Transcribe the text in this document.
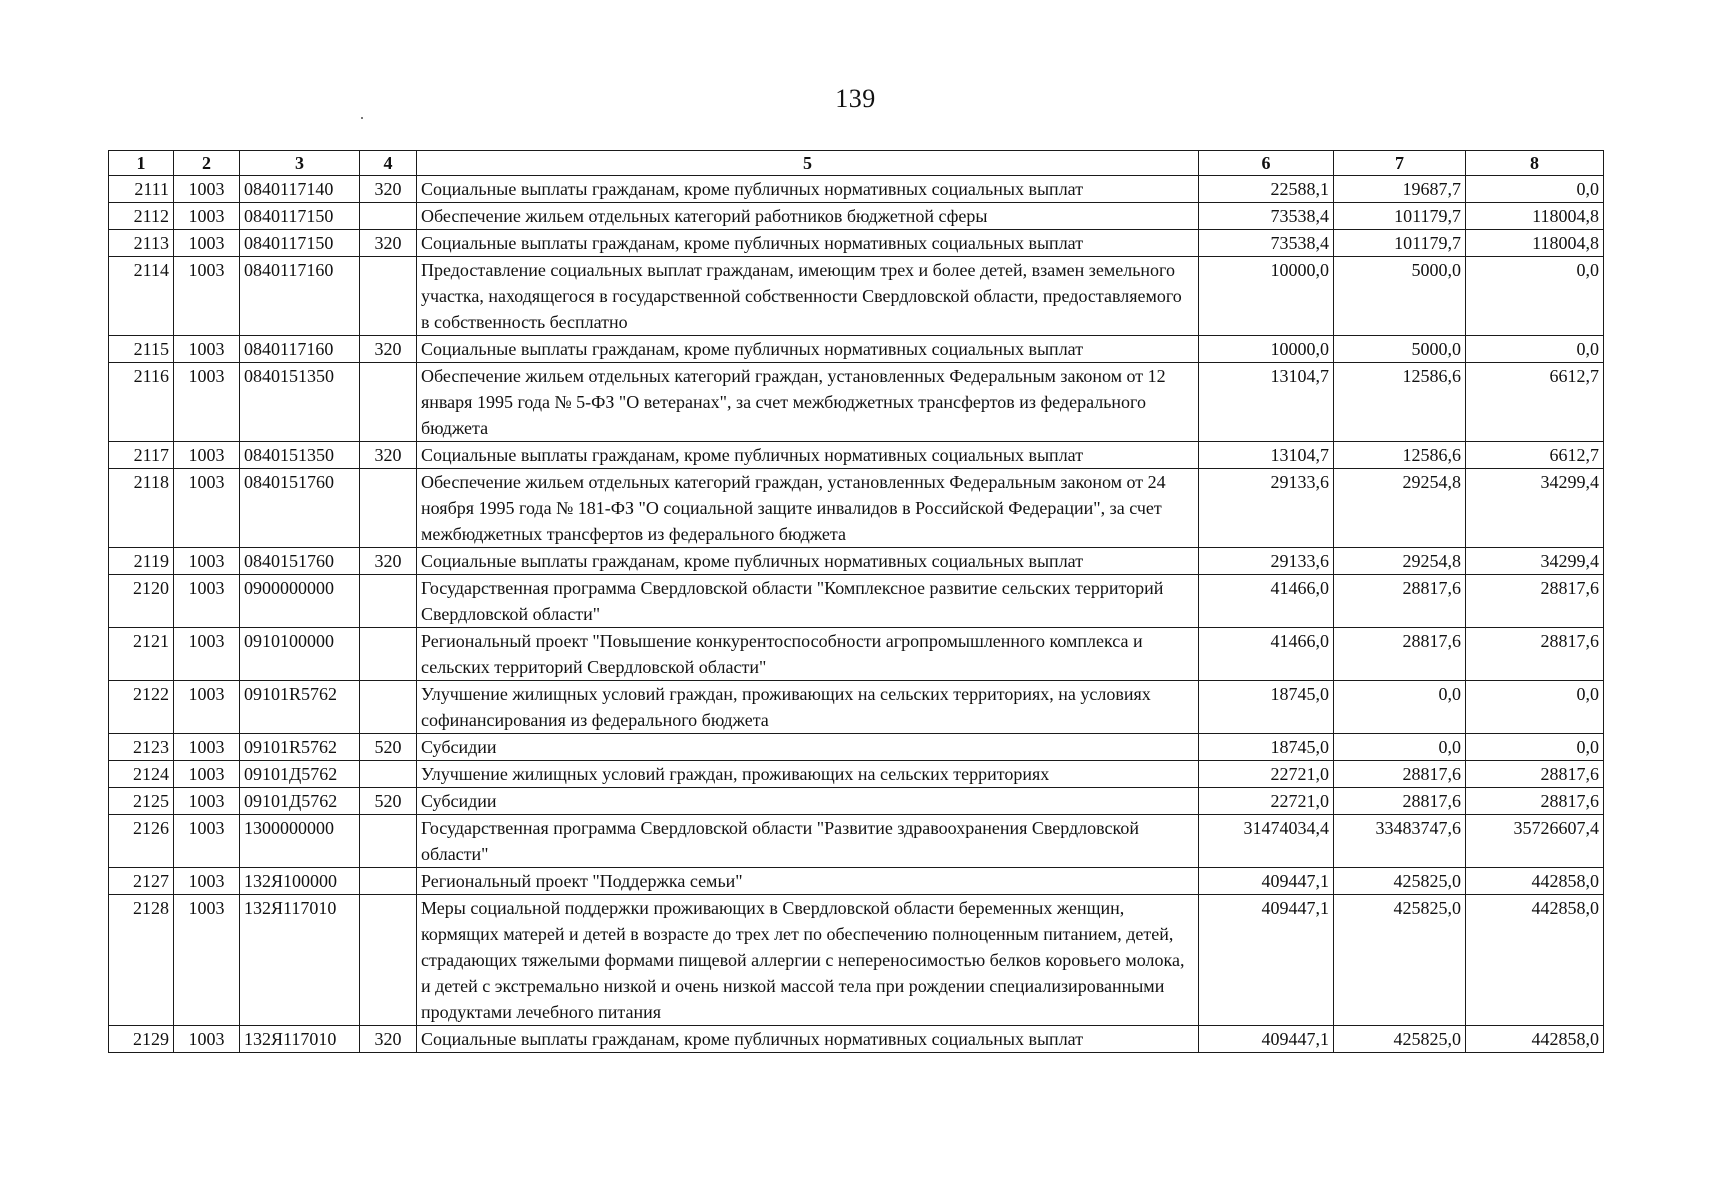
139
1	2	3	4	5	6	7	8
2111	1003	0840117140	320	Социальные выплаты гражданам, кроме публичных нормативных социальных выплат	22588,1	19687,7	0,0
2112	1003	0840117150		Обеспечение жильем отдельных категорий работников бюджетной сферы	73538,4	101179,7	118004,8
2113	1003	0840117150	320	Социальные выплаты гражданам, кроме публичных нормативных социальных выплат	73538,4	101179,7	118004,8
2114	1003	0840117160		Предоставление социальных выплат гражданам, имеющим трех и более детей, взамен земельного участка, находящегося в государственной собственности Свердловской области, предоставляемого в собственность бесплатно	10000,0	5000,0	0,0
2115	1003	0840117160	320	Социальные выплаты гражданам, кроме публичных нормативных социальных выплат	10000,0	5000,0	0,0
2116	1003	0840151350		Обеспечение жильем отдельных категорий граждан, установленных Федеральным законом от 12 января 1995 года № 5-ФЗ "О ветеранах", за счет межбюджетных трансфертов из федерального бюджета	13104,7	12586,6	6612,7
2117	1003	0840151350	320	Социальные выплаты гражданам, кроме публичных нормативных социальных выплат	13104,7	12586,6	6612,7
2118	1003	0840151760		Обеспечение жильем отдельных категорий граждан, установленных Федеральным законом от 24 ноября 1995 года № 181-ФЗ "О социальной защите инвалидов в Российской Федерации", за счет межбюджетных трансфертов из федерального бюджета	29133,6	29254,8	34299,4
2119	1003	0840151760	320	Социальные выплаты гражданам, кроме публичных нормативных социальных выплат	29133,6	29254,8	34299,4
2120	1003	0900000000		Государственная программа Свердловской области "Комплексное развитие сельских территорий Свердловской области"	41466,0	28817,6	28817,6
2121	1003	0910100000		Региональный проект "Повышение конкурентоспособности агропромышленного комплекса и сельских территорий Свердловской области"	41466,0	28817,6	28817,6
2122	1003	09101R5762		Улучшение жилищных условий граждан, проживающих на сельских территориях, на условиях софинансирования из федерального бюджета	18745,0	0,0	0,0
2123	1003	09101R5762	520	Субсидии	18745,0	0,0	0,0
2124	1003	09101Д5762		Улучшение жилищных условий граждан, проживающих на сельских территориях	22721,0	28817,6	28817,6
2125	1003	09101Д5762	520	Субсидии	22721,0	28817,6	28817,6
2126	1003	1300000000		Государственная программа Свердловской области "Развитие здравоохранения Свердловской области"	31474034,4	33483747,6	35726607,4
2127	1003	132Я100000		Региональный проект "Поддержка семьи"	409447,1	425825,0	442858,0
2128	1003	132Я117010		Меры социальной поддержки проживающих в Свердловской области беременных женщин, кормящих матерей и детей в возрасте до трех лет по обеспечению полноценным питанием, детей, страдающих тяжелыми формами пищевой аллергии с непереносимостью белков коровьего молока, и детей с экстремально низкой и очень низкой массой тела при рождении специализированными продуктами лечебного питания	409447,1	425825,0	442858,0
2129	1003	132Я117010	320	Социальные выплаты гражданам, кроме публичных нормативных социальных выплат	409447,1	425825,0	442858,0
